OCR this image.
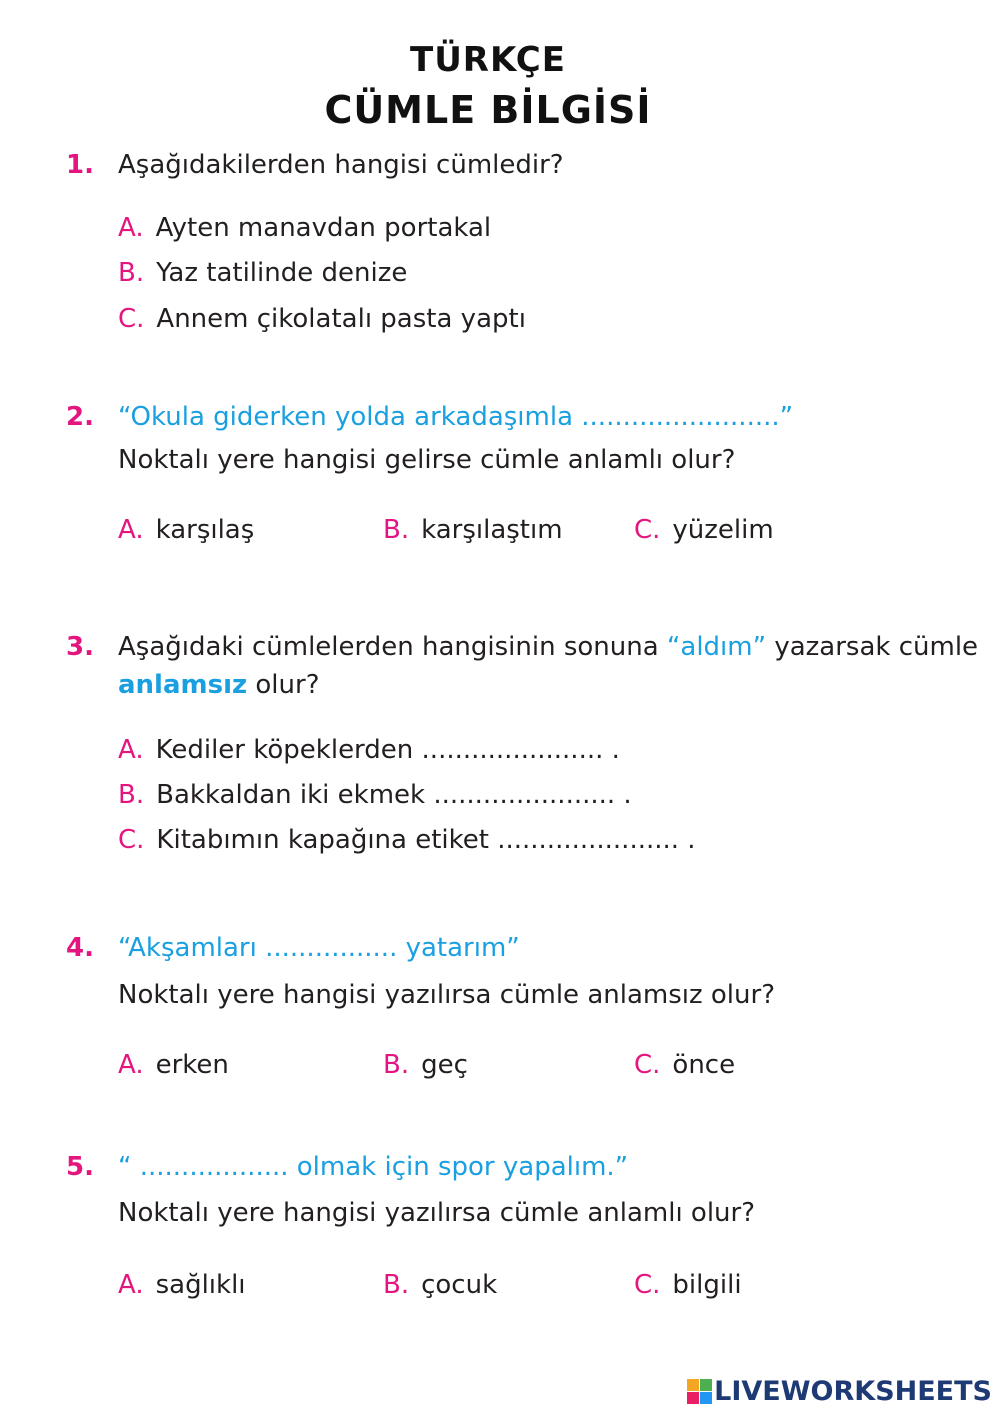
TÜRKÇE
CÜMLE BİLGİSİ
1. Aşağıdakilerden hangisi cümledir?
A. Ayten manavdan portakal
B. Yaz tatilinde denize
C. Annem çikolatalı pasta yaptı
2. “Okula giderken yolda arkadaşımla ........................”
Noktalı yere hangisi gelirse cümle anlamlı olur?
A. karşılaş	B. karşılaştım	C. yüzelim
3. Aşağıdaki cümlelerden hangisinin sonuna “aldım” yazarsak cümle
anlamsız olur?
A. Kediler köpeklerden ...................... .
B. Bakkaldan iki ekmek ...................... .
C. Kitabımın kapağına etiket ...................... .
4. “Akşamları ................ yatarım”
Noktalı yere hangisi yazılırsa cümle anlamsız olur?
A. erken	B. geç	C. önce
5. “ .................. olmak için spor yapalım.”
Noktalı yere hangisi yazılırsa cümle anlamlı olur?
A. sağlıklı	B. çocuk	C. bilgili
LIVEWORKSHEETS
